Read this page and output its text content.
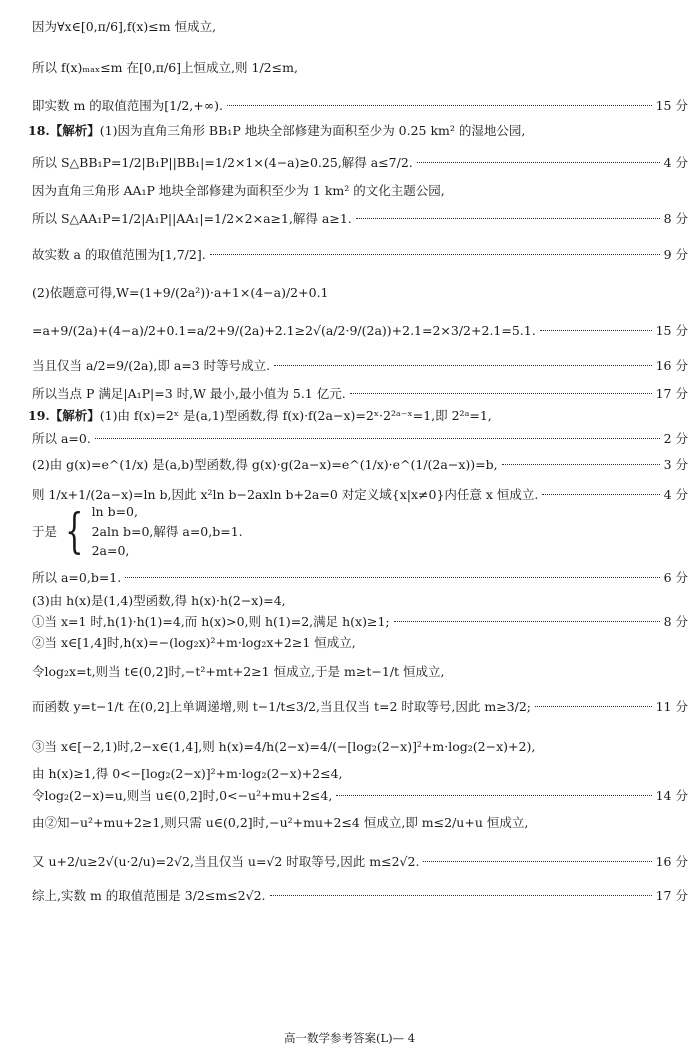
因为∀x∈[0,π/6],f(x)≤m 恒成立,
所以 f(x)ₘₐₓ≤m 在[0,π/6]上恒成立,则 1/2≤m,
即实数 m 的取值范围为[1/2,+∞).	15 分
18.【解析】 (1)因为直角三角形 BB₁P 地块全部修建为面积至少为 0.25 km² 的湿地公园,
所以 S△BB₁P=1/2|B₁P||BB₁|=1/2×1×(4−a)≥0.25,解得 a≤7/2.	4 分
因为直角三角形 AA₁P 地块全部修建为面积至少为 1 km² 的文化主题公园,
所以 S△AA₁P=1/2|A₁P||AA₁|=1/2×2×a≥1,解得 a≥1.	8 分
故实数 a 的取值范围为[1,7/2].	9 分
(2)依题意可得,W=(1+9/(2a²))·a+1×(4−a)/2+0.1
=a+9/(2a)+(4−a)/2+0.1=a/2+9/(2a)+2.1≥2√(a/2·9/(2a))+2.1=2×3/2+2.1=5.1.	15 分
当且仅当 a/2=9/(2a),即 a=3 时等号成立.	16 分
所以当点 P 满足|A₁P|=3 时,W 最小,最小值为 5.1 亿元.	17 分
19.【解析】 (1)由 f(x)=2ˣ 是(a,1)型函数,得 f(x)·f(2a−x)=2ˣ·2²ᵃ⁻ˣ=1,即 2²ᵃ=1,
所以 a=0.	2 分
(2)由 g(x)=e^(1/x) 是(a,b)型函数,得 g(x)·g(2a−x)=e^(1/x)·e^(1/(2a−x))=b,	3 分
则 1/x+1/(2a−x)=ln b,因此 x²ln b−2axln b+2a=0 对定义域{x|x≠0}内任意 x 恒成立.	4 分
于是 { ln b=0,
2aln b=0,解得 a=0,b=1.
2a=0,
所以 a=0,b=1.	6 分
(3)由 h(x)是(1,4)型函数,得 h(x)·h(2−x)=4,
①当 x=1 时,h(1)·h(1)=4,而 h(x)>0,则 h(1)=2,满足 h(x)≥1;	8 分
②当 x∈[1,4]时,h(x)=−(log₂x)²+m·log₂x+2≥1 恒成立,
令log₂x=t,则当 t∈(0,2]时,−t²+mt+2≥1 恒成立,于是 m≥t−1/t 恒成立,
而函数 y=t−1/t 在(0,2]上单调递增,则 t−1/t≤3/2,当且仅当 t=2 时取等号,因此 m≥3/2;	11 分
③当 x∈[−2,1)时,2−x∈(1,4],则 h(x)=4/h(2−x)=4/(−[log₂(2−x)]²+m·log₂(2−x)+2),
由 h(x)≥1,得 0<−[log₂(2−x)]²+m·log₂(2−x)+2≤4,
令log₂(2−x)=u,则当 u∈(0,2]时,0<−u²+mu+2≤4,	14 分
由②知−u²+mu+2≥1,则只需 u∈(0,2]时,−u²+mu+2≤4 恒成立,即 m≤2/u+u 恒成立,
又 u+2/u≥2√(u·2/u)=2√2,当且仅当 u=√2 时取等号,因此 m≤2√2.	16 分
综上,实数 m 的取值范围是 3/2≤m≤2√2.	17 分
高一数学参考答案(L)— 4
